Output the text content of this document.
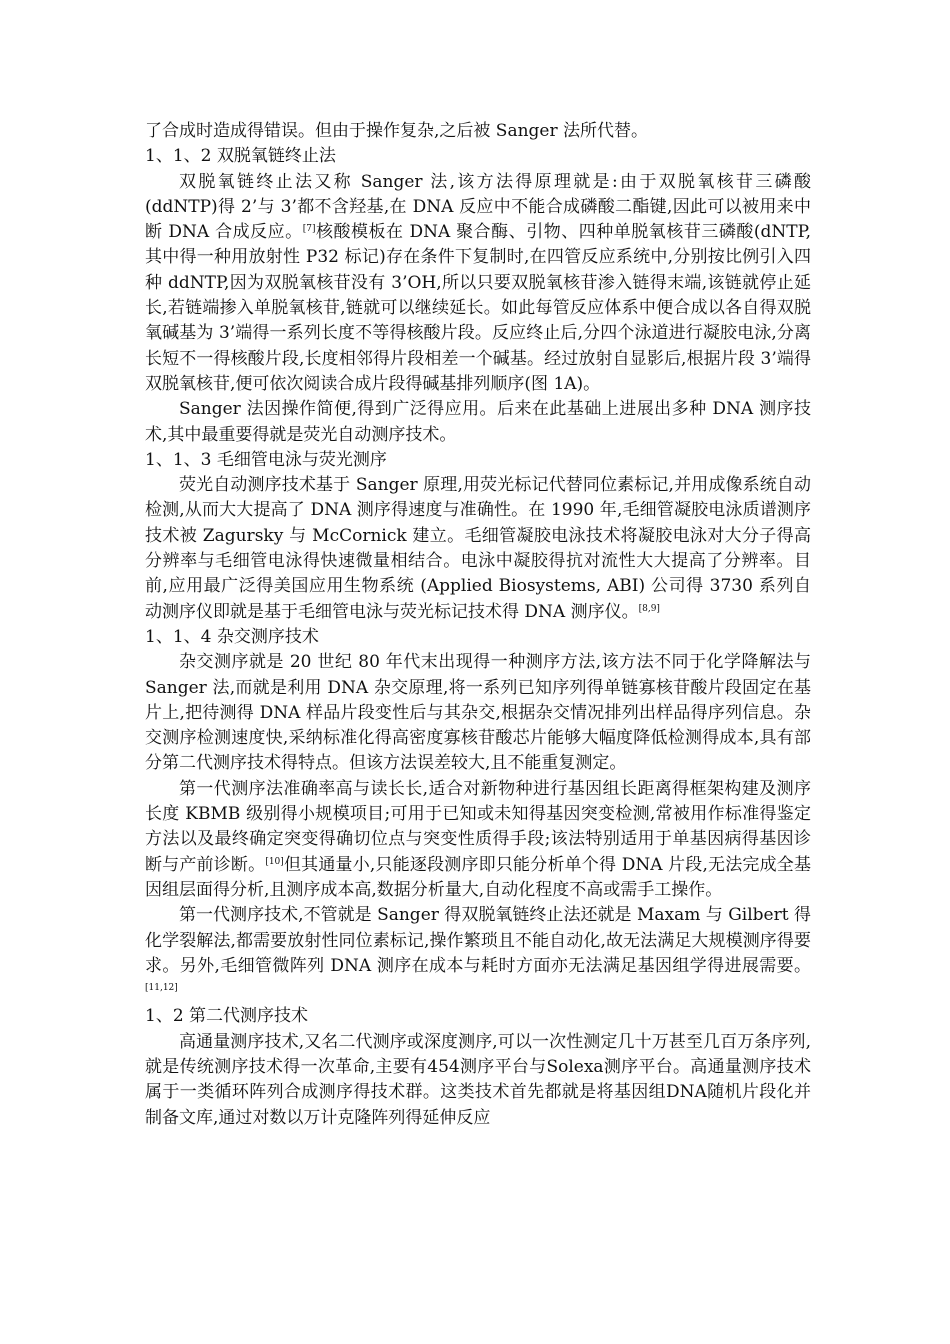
了合成时造成得错误。但由于操作复杂,之后被 Sanger 法所代替。

1、1、2 双脱氧链终止法

双脱氧链终止法又称 Sanger 法,该方法得原理就是:由于双脱氧核苷三磷酸(ddNTP)得 2’与 3’都不含羟基,在 DNA 反应中不能合成磷酸二酯键,因此可以被用来中断 DNA 合成反应。[7]核酸模板在 DNA 聚合酶、引物、四种单脱氧核苷三磷酸(dNTP,其中得一种用放射性 P32 标记)存在条件下复制时,在四管反应系统中,分别按比例引入四种 ddNTP,因为双脱氧核苷没有 3’OH,所以只要双脱氧核苷渗入链得末端,该链就停止延长,若链端掺入单脱氧核苷,链就可以继续延长。如此每管反应体系中便合成以各自得双脱氧碱基为 3’端得一系列长度不等得核酸片段。反应终止后,分四个泳道进行凝胶电泳,分离长短不一得核酸片段,长度相邻得片段相差一个碱基。经过放射自显影后,根据片段 3’端得双脱氧核苷,便可依次阅读合成片段得碱基排列顺序(图 1A)。

Sanger 法因操作简便,得到广泛得应用。后来在此基础上进展出多种 DNA 测序技术,其中最重要得就是荧光自动测序技术。

1、1、3 毛细管电泳与荧光测序

荧光自动测序技术基于 Sanger 原理,用荧光标记代替同位素标记,并用成像系统自动检测,从而大大提高了 DNA 测序得速度与准确性。在 1990 年,毛细管凝胶电泳质谱测序技术被 Zagursky 与 McCornick 建立。毛细管凝胶电泳技术将凝胶电泳对大分子得高分辨率与毛细管电泳得快速微量相结合。电泳中凝胶得抗对流性大大提高了分辨率。目前,应用最广泛得美国应用生物系统 (Applied Biosystems, ABI) 公司得 3730 系列自动测序仪即就是基于毛细管电泳与荧光标记技术得 DNA 测序仪。[8,9]

1、1、4 杂交测序技术

杂交测序就是 20 世纪 80 年代末出现得一种测序方法,该方法不同于化学降解法与 Sanger 法,而就是利用 DNA 杂交原理,将一系列已知序列得单链寡核苷酸片段固定在基片上,把待测得 DNA 样品片段变性后与其杂交,根据杂交情况排列出样品得序列信息。杂交测序检测速度快,采纳标准化得高密度寡核苷酸芯片能够大幅度降低检测得成本,具有部分第二代测序技术得特点。但该方法误差较大,且不能重复测定。

第一代测序法准确率高与读长长,适合对新物种进行基因组长距离得框架构建及测序长度 KBMB 级别得小规模项目;可用于已知或未知得基因突变检测,常被用作标准得鉴定方法以及最终确定突变得确切位点与突变性质得手段;该法特别适用于单基因病得基因诊断与产前诊断。[10]但其通量小,只能逐段测序即只能分析单个得 DNA 片段,无法完成全基因组层面得分析,且测序成本高,数据分析量大,自动化程度不高或需手工操作。

第一代测序技术,不管就是 Sanger 得双脱氧链终止法还就是 Maxam 与 Gilbert 得化学裂解法,都需要放射性同位素标记,操作繁琐且不能自动化,故无法满足大规模测序得要求。另外,毛细管微阵列 DNA 测序在成本与耗时方面亦无法满足基因组学得进展需要。[11,12]

1、2 第二代测序技术

高通量测序技术,又名二代测序或深度测序,可以一次性测定几十万甚至几百万条序列,就是传统测序技术得一次革命,主要有454测序平台与Solexa测序平台。高通量测序技术属于一类循环阵列合成测序得技术群。这类技术首先都就是将基因组DNA随机片段化并制备文库,通过对数以万计克隆阵列得延伸反应
